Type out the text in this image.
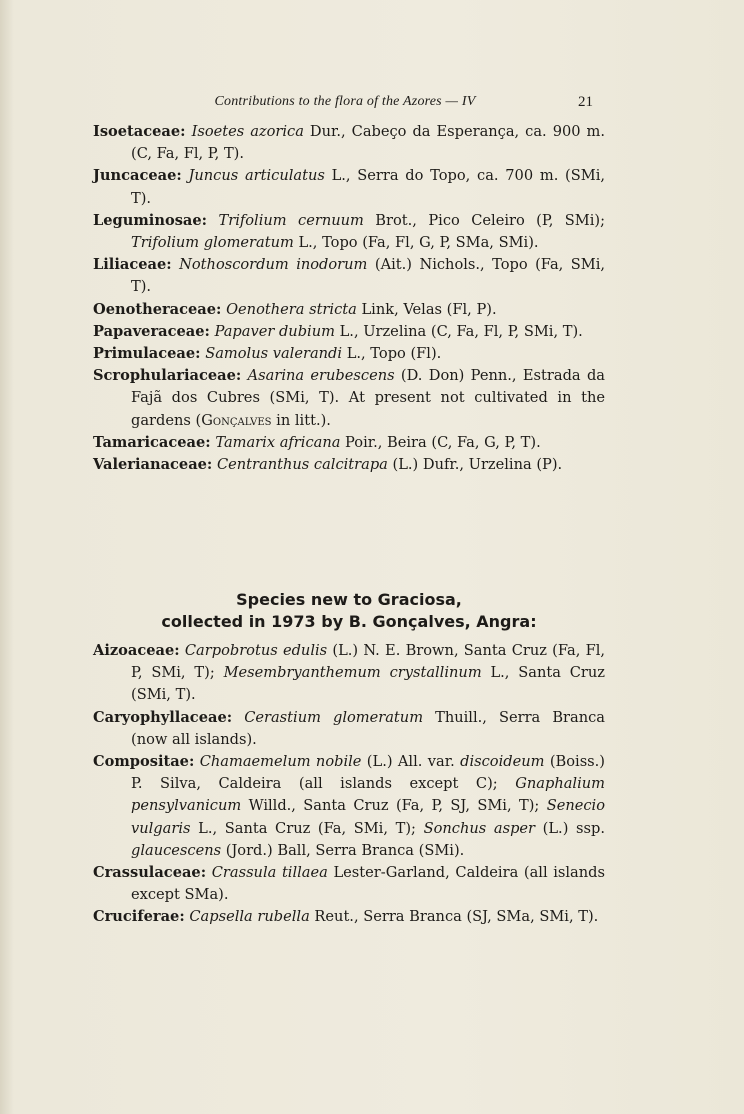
Contributions to the flora of the Azores — IV	21
Isoetaceae: Isoetes azorica Dur., Cabeço da Esperança, ca. 900 m. (C, Fa, Fl, P, T).
Juncaceae: Juncus articulatus L., Serra do Topo, ca. 700 m. (SMi, T).
Leguminosae: Trifolium cernuum Brot., Pico Celeiro (P, SMi); Trifolium glomeratum L., Topo (Fa, Fl, G, P, SMa, SMi).
Liliaceae: Nothoscordum inodorum (Ait.) Nichols., Topo (Fa, SMi, T).
Oenotheraceae: Oenothera stricta Link, Velas (Fl, P).
Papaveraceae: Papaver dubium L., Urzelina (C, Fa, Fl, P, SMi, T).
Primulaceae: Samolus valerandi L., Topo (Fl).
Scrophulariaceae: Asarina erubescens (D. Don) Penn., Estrada da Fajã dos Cubres (SMi, T). At present not cultivated in the gardens (Gonçalves in litt.).
Tamaricaceae: Tamarix africana Poir., Beira (C, Fa, G, P, T).
Valerianaceae: Centranthus calcitrapa (L.) Dufr., Urzelina (P).
Species new to Graciosa,
collected in 1973 by B. Gonçalves, Angra:
Aizoaceae: Carpobrotus edulis (L.) N. E. Brown, Santa Cruz (Fa, Fl, P, SMi, T); Mesembryanthemum crystallinum L., Santa Cruz (SMi, T).
Caryophyllaceae: Cerastium glomeratum Thuill., Serra Branca (now all islands).
Compositae: Chamaemelum nobile (L.) All. var. discoideum (Boiss.) P. Silva, Caldeira (all islands except C); Gnaphalium pensylvanicum Willd., Santa Cruz (Fa, P, SJ, SMi, T); Senecio vulgaris L., Santa Cruz (Fa, SMi, T); Sonchus asper (L.) ssp. glaucescens (Jord.) Ball, Serra Branca (SMi).
Crassulaceae: Crassula tillaea Lester-Garland, Caldeira (all islands except SMa).
Cruciferae: Capsella rubella Reut., Serra Branca (SJ, SMa, SMi, T).
